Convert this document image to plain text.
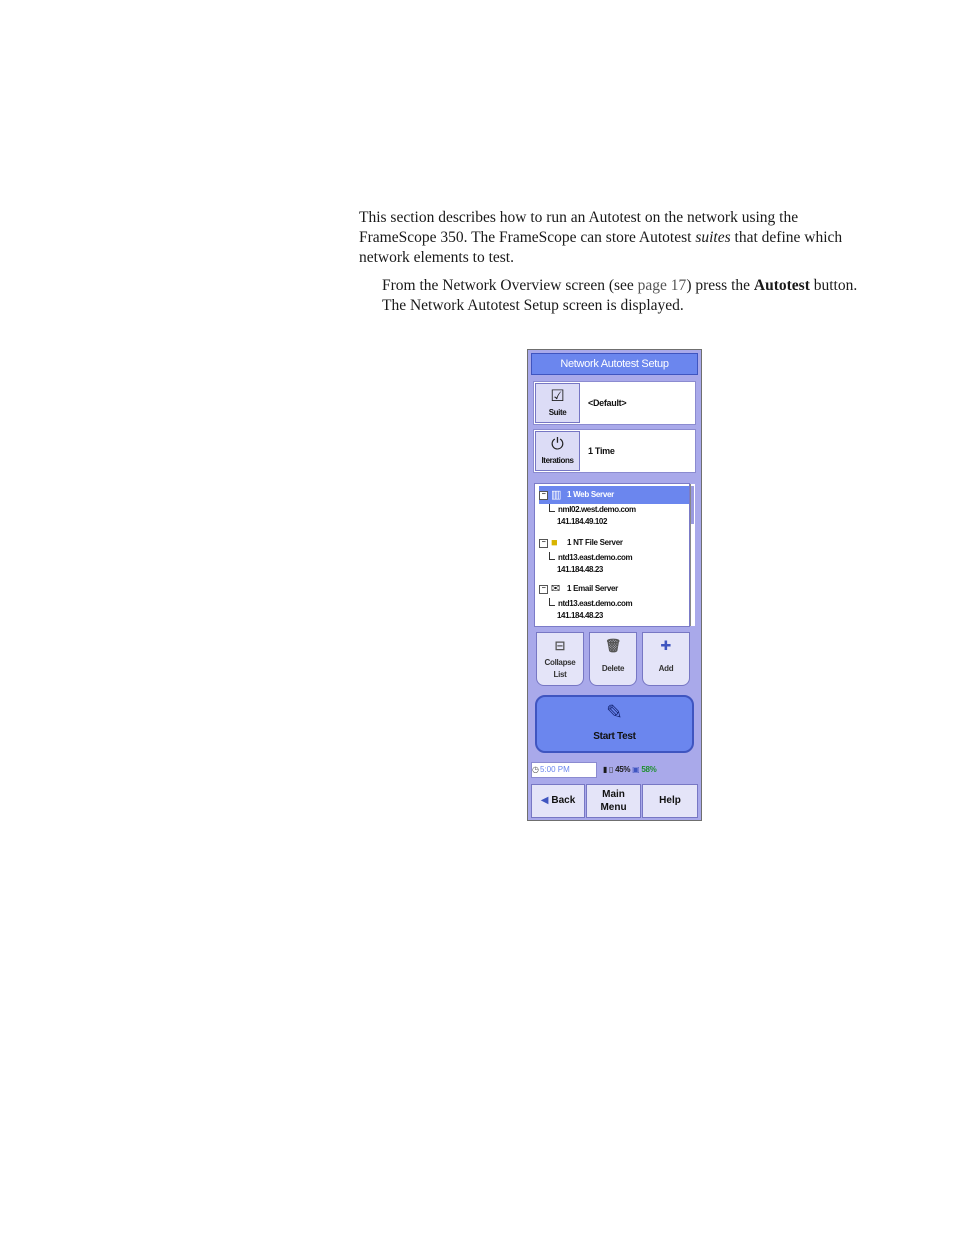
This section describes how to run an Autotest on the network using the FrameScope 350. The FrameScope can store Autotest suites that define which network elements to test.

From the Network Overview screen (see page 17) press the Autotest button. The Network Autotest Setup screen is displayed.

Network Autotest Setup
☑
Suite
<Default>
⏻
Iterations
1 Time
− ▥ 1 Web Server
nml02.west.demo.com
141.184.49.102
− ■ 1 NT File Server
ntd13.east.demo.com
141.184.48.23
− ✉ 1 Email Server
ntd13.east.demo.com
141.184.48.23
⊟
Collapse
List
🗑
Delete
✚
Add
✎
Start Test
◷5:00 PM	▮ ▯ 45% ▣ 58%
◀ Back
Main
Menu
Help
